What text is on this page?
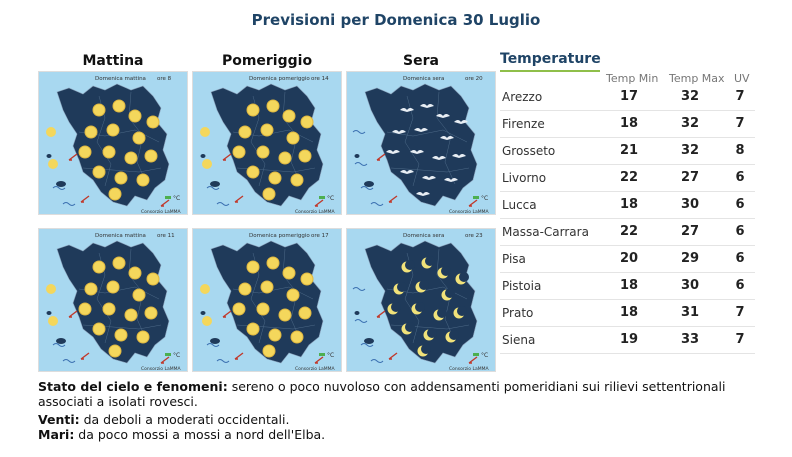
Previsioni per Domenica 30 Luglio
Mattina	Pomeriggio	Sera
°C
Domenica mattina ore 8
Consorzio LaMMA
°C
Domenica pomeriggio ore 14
Consorzio LaMMA
°C
Domenica sera	ore 20
Consorzio LaMMA
°C
Domenica mattina ore 11
Consorzio LaMMA
°C
Domenica pomeriggio ore 17
Consorzio LaMMA
°C
Domenica sera	ore 23
Consorzio LaMMA
Temperature
Temp Min Temp Max UV
Arezzo	17	32	7
Firenze	18	32	7
Grosseto	21	32	8
Livorno	22	27	6
Lucca	18	30	6
Massa-Carrara	22	27	6
Pisa	20	29	6
Pistoia	18	30	6
Prato	18	31	7
Siena	19	33	7
Stato del cielo e fenomeni: sereno o poco nuvoloso con addensamenti pomeridiani sui rilievi settentrionali associati a isolati rovesci.
Venti: da deboli a moderati occidentali.
Mari: da poco mossi a mossi a nord dell'Elba.
